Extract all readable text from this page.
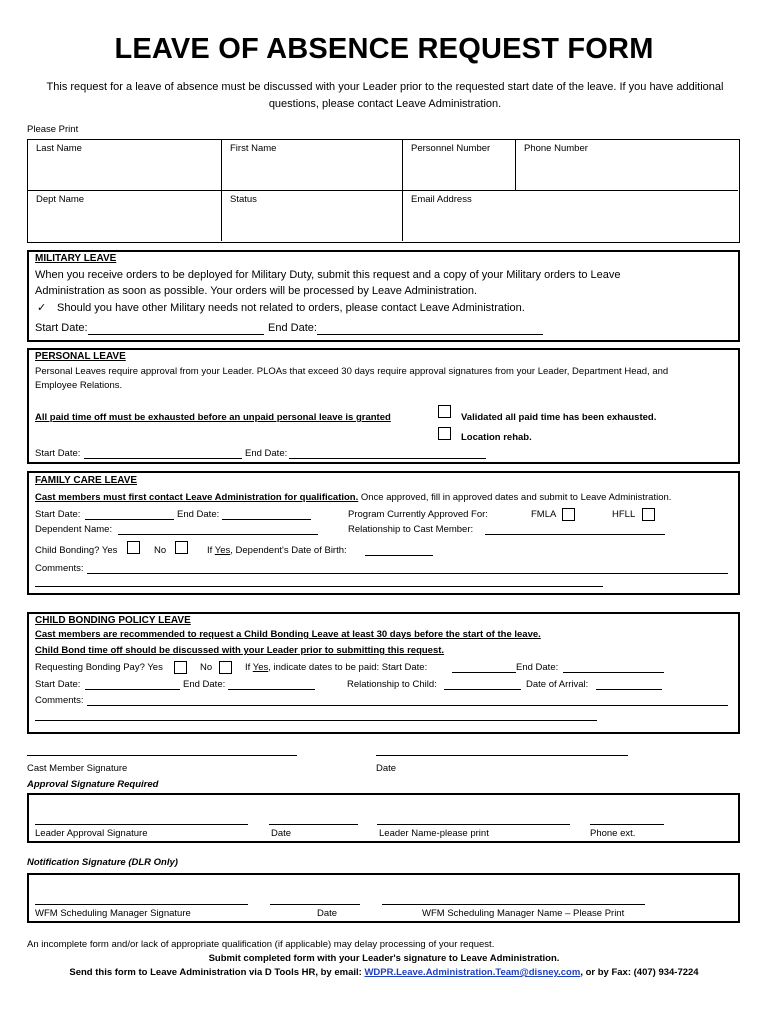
LEAVE OF ABSENCE REQUEST FORM
This request for a leave of absence must be discussed with your Leader prior to the requested start date of the leave. If you have additional questions, please contact Leave Administration.
Please Print
Last Name	First Name	Personnel Number	Phone Number
Dept Name	Status	Email Address
MILITARY LEAVE
When you receive orders to be deployed for Military Duty, submit this request and a copy of your Military orders to Leave
Administration as soon as possible. Your orders will be processed by Leave Administration.
✓ Should you have other Military needs not related to orders, please contact Leave Administration.
Start Date:	End Date:
PERSONAL LEAVE
Personal Leaves require approval from your Leader. PLOAs that exceed 30 days require approval signatures from your Leader, Department Head, and
Employee Relations.
All paid time off must be exhausted before an unpaid personal leave is granted	Validated all paid time has been exhausted.
Location rehab.
Start Date:	End Date:
FAMILY CARE LEAVE
Cast members must first contact Leave Administration for qualification. Once approved, fill in approved dates and submit to Leave Administration.
Start Date:	End Date:	Program Currently Approved For:	FMLA	HFLL
Dependent Name:	Relationship to Cast Member:
Child Bonding? Yes	No	If Yes, Dependent's Date of Birth:
Comments:
CHILD BONDING POLICY LEAVE
Cast members are recommended to request a Child Bonding Leave at least 30 days before the start of the leave.
Child Bond time off should be discussed with your Leader prior to submitting this request.
Requesting Bonding Pay? Yes	No	If Yes, indicate dates to be paid: Start Date:	End Date:
Start Date:	End Date:	Relationship to Child:	Date of Arrival:
Comments:
Cast Member Signature	Date
Approval Signature Required
Leader Approval Signature	Date	Leader Name-please print	Phone ext.
Notification Signature (DLR Only)
WFM Scheduling Manager Signature	Date	WFM Scheduling Manager Name – Please Print
An incomplete form and/or lack of appropriate qualification (if applicable) may delay processing of your request.
Submit completed form with your Leader's signature to Leave Administration.
Send this form to Leave Administration via D Tools HR, by email: WDPR.Leave.Administration.Team@disney.com, or by Fax: (407) 934-7224
